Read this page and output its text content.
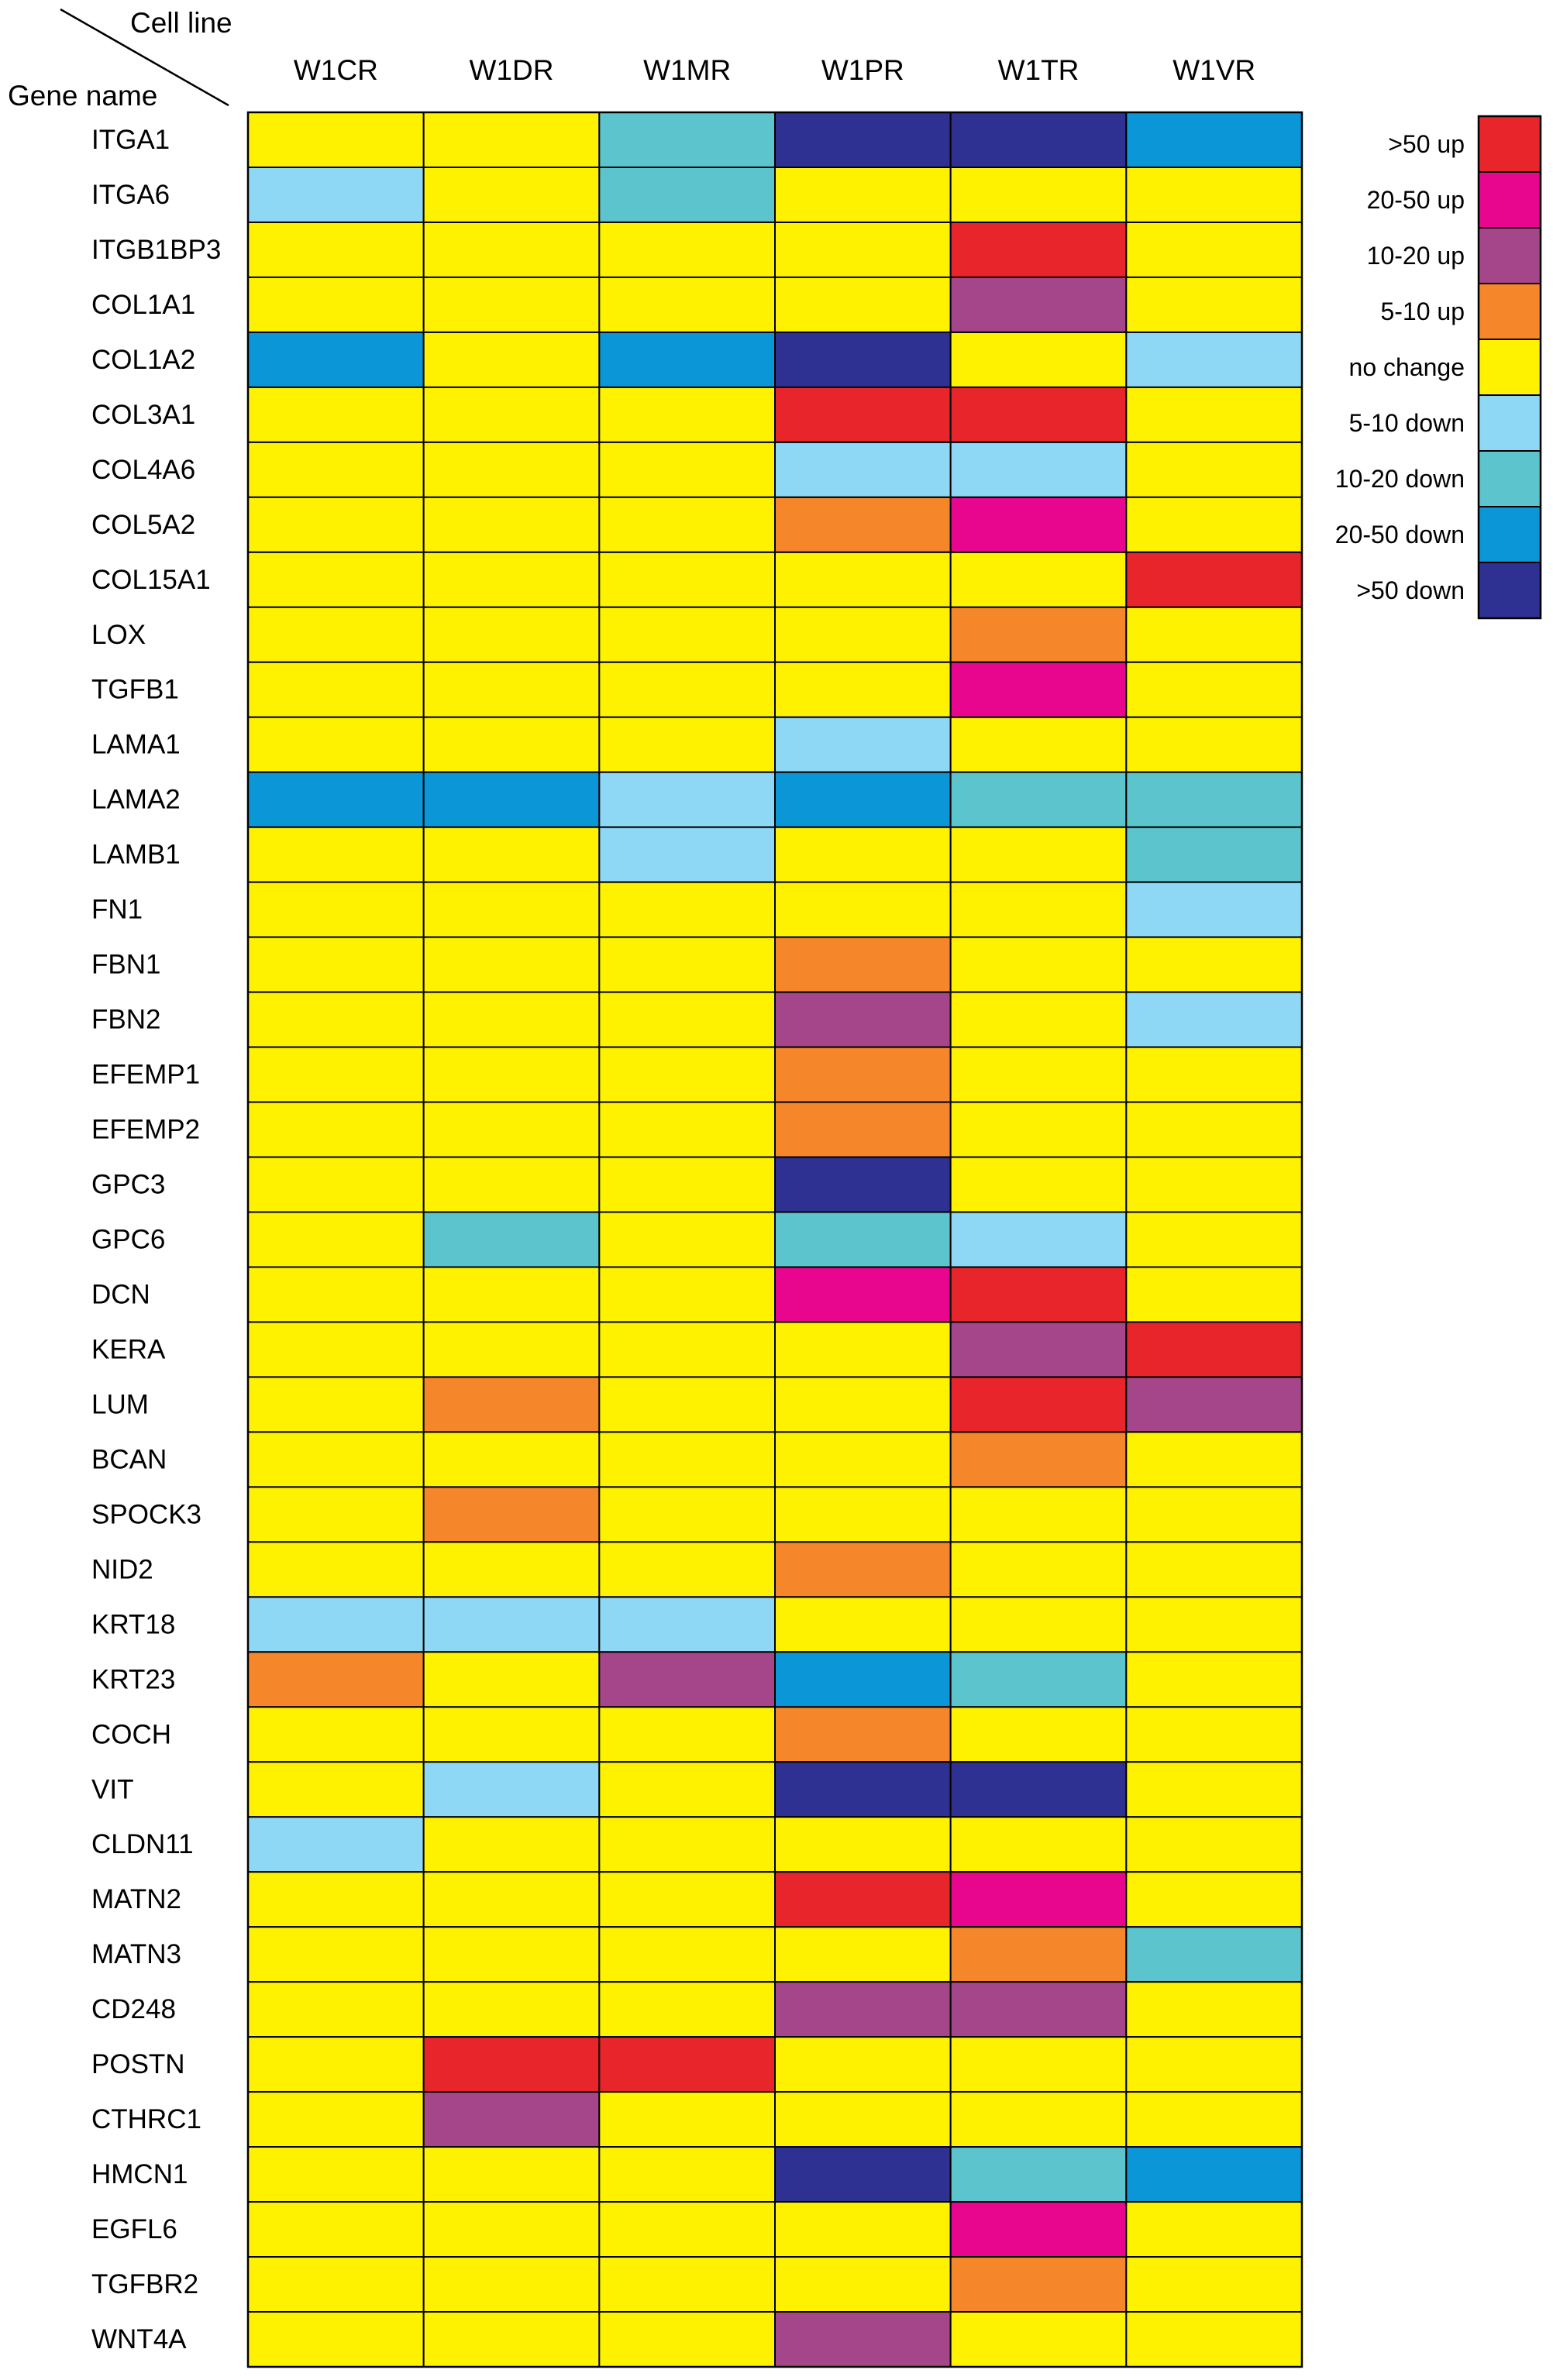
Cell line
Gene name
W1CR	W1DR	W1MR	W1PR	W1TR	W1VR
ITGA1
ITGA6
ITGB1BP3
COL1A1
COL1A2
COL3A1
COL4A6
COL5A2
COL15A1
LOX
TGFB1
LAMA1
LAMA2
LAMB1
FN1
FBN1
FBN2
EFEMP1
EFEMP2
GPC3
GPC6
DCN
KERA
LUM
BCAN
SPOCK3
NID2
KRT18
KRT23
COCH
VIT
CLDN11
MATN2
MATN3
CD248
POSTN
CTHRC1
HMCN1
EGFL6
TGFBR2
WNT4A
>50 up
20-50 up
10-20 up
5-10 up
no change
5-10 down
10-20 down
20-50 down
>50 down
